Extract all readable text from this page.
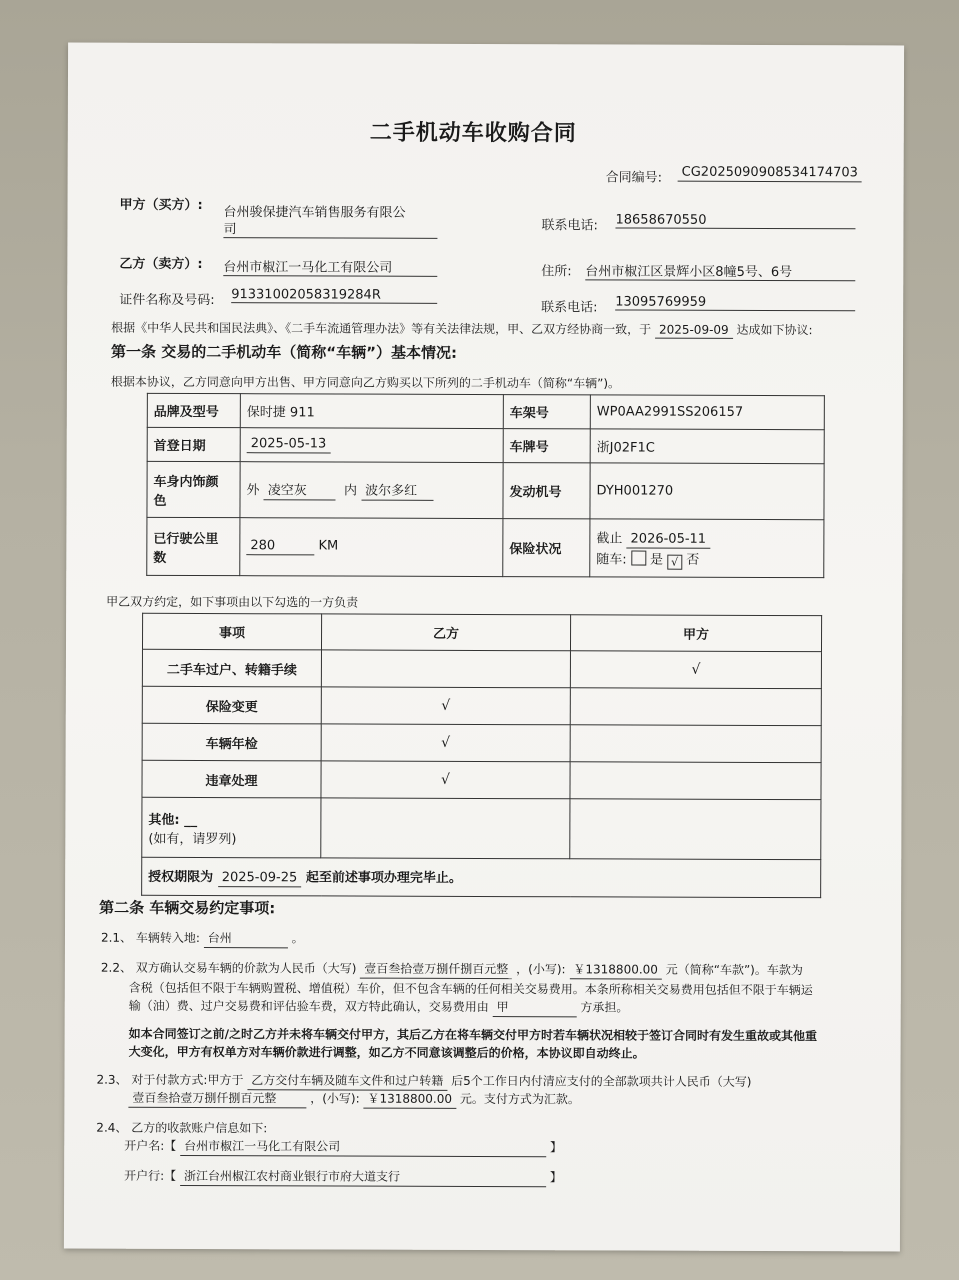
二手机动车收购合同
合同编号:	CG2025090908534174703
甲方（买方）: 台州骏保捷汽车销售服务有限公
司	联系电话: 18658670550
乙方（卖方）: 台州市椒江一马化工有限公司	住所: 台州市椒江区景辉小区8幢5号、6号
证件名称及号码: 91331002058319284R
联系电话: 13095769959
根据《中华人民共和国民法典》、《二手车流通管理办法》等有关法律法规，甲、乙双方经协商一致，于 2025-09-09 达成如下协议:
第一条 交易的二手机动车（简称“车辆”）基本情况:
根据本协议，乙方同意向甲方出售、甲方同意向乙方购买以下所列的二手机动车（简称“车辆”)。
品牌及型号	保时捷 911	车架号	WP0AA2991SS206157
首登日期	2025-05-13	车牌号	浙J02F1C
车身内饰颜
色	外 凌空灰 内 波尔多红	发动机号	DYH001270
已行驶公里
数	280 KM	保险状况	截止 2026-05-11
随车: 是 √ 否
甲乙双方约定，如下事项由以下勾选的一方负责
事项	乙方	甲方
二手车过户、转籍手续		√
保险变更	√	
车辆年检	√	
违章处理	√	
其他: __
(如有，请罗列)		
授权期限为 2025-09-25 起至前述事项办理完毕止。		
第二条 车辆交易约定事项:
2.1、 车辆转入地: 台州	。
2.2、 双方确认交易车辆的价款为人民币（大写) 壹百叁拾壹万捌仟捌百元整 ，(小写): ￥1318800.00 元（简称“车款”)。车款为
含税（包括但不限于车辆购置税、增值税）车价，但不包含车辆的任何相关交易费用。本条所称相关交易费用包括但不限于车辆运
输（油）费、过户交易费和评估验车费，双方特此确认，交易费用由 甲	方承担。
如本合同签订之前/之时乙方并未将车辆交付甲方，其后乙方在将车辆交付甲方时若车辆状况相较于签订合同时有发生重故或其他重
大变化，甲方有权单方对车辆价款进行调整，如乙方不同意该调整后的价格，本协议即自动终止。
2.3、 对于付款方式:甲方于 乙方交付车辆及随车文件和过户转籍 后5个工作日内付清应支付的全部款项共计人民币（大写)
壹百叁拾壹万捌仟捌百元整	，(小写): ￥1318800.00 元。支付方式为汇款。
2.4、 乙方的收款账户信息如下:
开户名:【 台州市椒江一马化工有限公司	】
开户行:【 浙江台州椒江农村商业银行市府大道支行	】
